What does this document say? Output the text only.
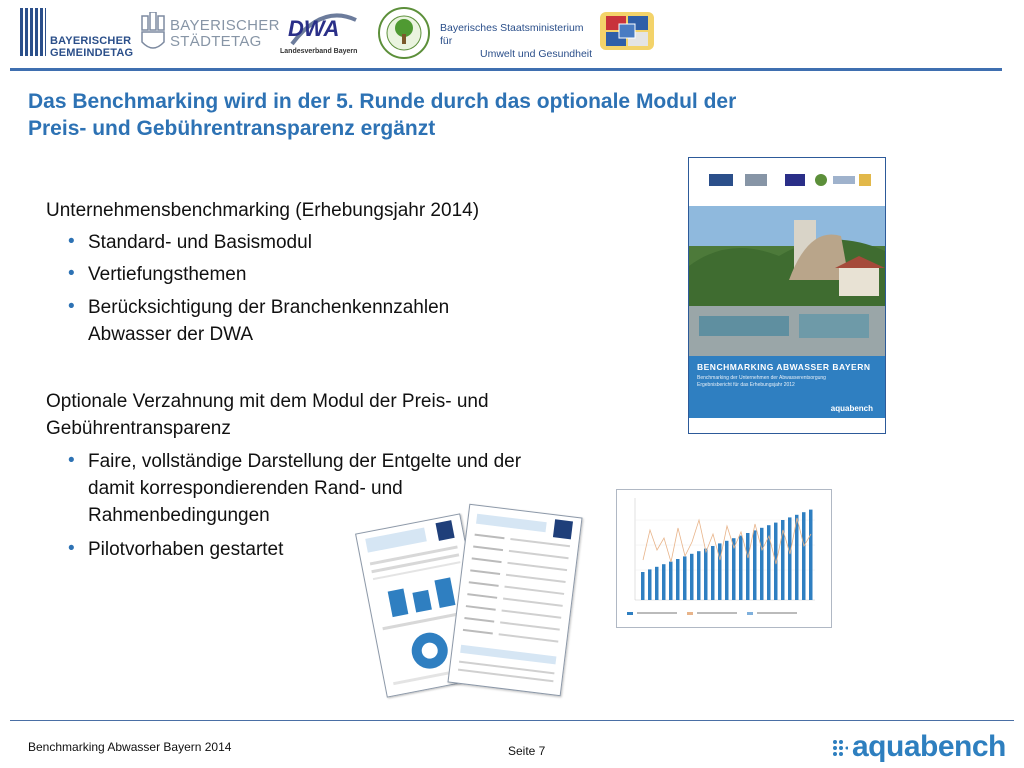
BAYERISCHER
GEMEINDETAG
BAYERISCHER
STÄDTETAG
DWA
Landesverband Bayern
Bayerisches Staatsministerium für
Umwelt und Gesundheit
Das Benchmarking wird in der 5. Runde durch das optionale Modul der
Preis- und Gebührentransparenz ergänzt
Unternehmensbenchmarking (Erhebungsjahr 2014)
• Standard- und Basismodul
• Vertiefungsthemen
• Berücksichtigung der Branchenkennzahlen
Abwasser der DWA
Optionale Verzahnung mit dem Modul der Preis- und
Gebührentransparenz
• Faire, vollständige Darstellung der Entgelte und der
damit korrespondierenden Rand- und
Rahmenbedingungen
• Pilotvorhaben gestartet
BENCHMARKING ABWASSER BAYERN
Benchmarking der Unternehmen der Abwasserentsorgung
Ergebnisbericht für das Erhebungsjahr 2012
aquabench
Benchmarking Abwasser Bayern 2014	Seite 7	aquabench
